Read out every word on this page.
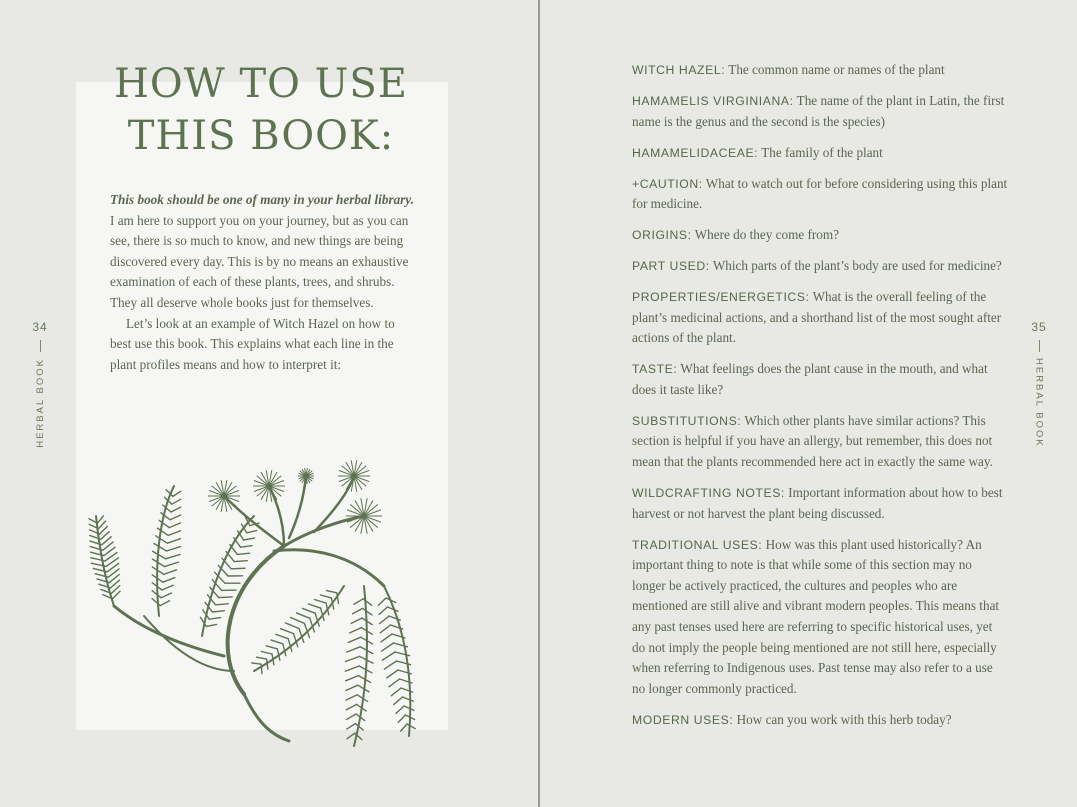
HOW TO USE
THIS BOOK:

This book should be one of many in your herbal library. I am here to support you on your journey, but as you can see, there is so much to know, and new things are being discovered every day. This is by no means an exhaustive examination of each of these plants, trees, and shrubs. They all deserve whole books just for themselves.

Let’s look at an example of Witch Hazel on how to best use this book. This explains what each line in the plant profiles means and how to interpret it:

34
HERBAL BOOK
35
HERBAL BOOK

WITCH HAZEL: The common name or names of the plant

HAMAMELIS VIRGINIANA: The name of the plant in Latin, the first name is the genus and the second is the species)

HAMAMELIDACEAE: The family of the plant

+CAUTION: What to watch out for before considering using this plant for medicine.

ORIGINS: Where do they come from?

PART USED: Which parts of the plant’s body are used for medicine?

PROPERTIES/ENERGETICS: What is the overall feeling of the plant’s medicinal actions, and a shorthand list of the most sought after actions of the plant.

TASTE: What feelings does the plant cause in the mouth, and what does it taste like?

SUBSTITUTIONS: Which other plants have similar actions? This section is helpful if you have an allergy, but remember, this does not mean that the plants recommended here act in exactly the same way.

WILDCRAFTING NOTES: Important information about how to best harvest or not harvest the plant being discussed.

TRADITIONAL USES: How was this plant used historically? An important thing to note is that while some of this section may no longer be actively practiced, the cultures and peoples who are mentioned are still alive and vibrant modern peoples. This means that any past tenses used here are referring to specific historical uses, yet do not imply the people being mentioned are not still here, especially when referring to Indigenous uses. Past tense may also refer to a use no longer commonly practiced.

MODERN USES: How can you work with this herb today?
